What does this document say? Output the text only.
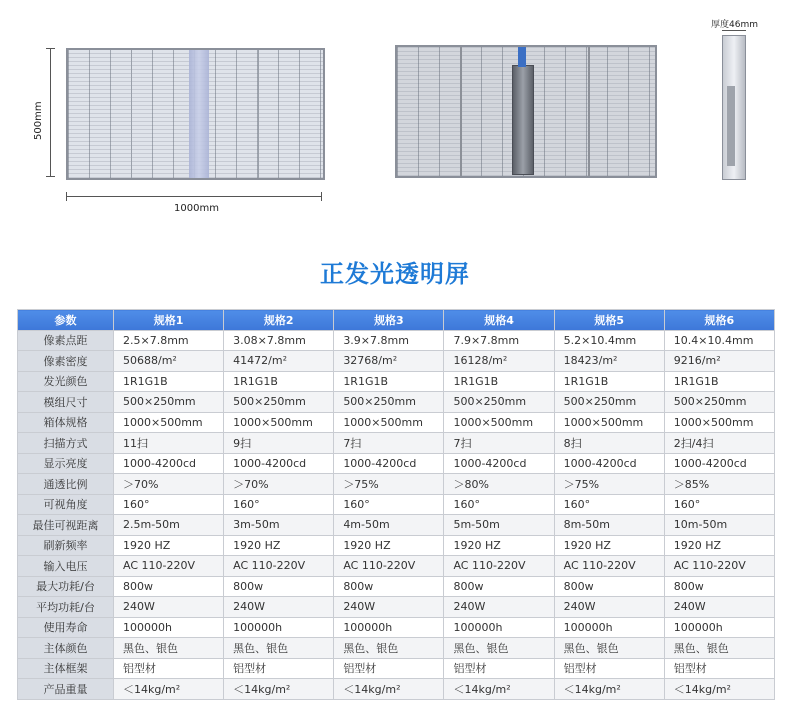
500mm
1000mm
厚度46mm
正发光透明屏
参数	规格1	规格2	规格3	规格4	规格5	规格6
像素点距	2.5×7.8mm	3.08×7.8mm	3.9×7.8mm	7.9×7.8mm	5.2×10.4mm	10.4×10.4mm
像素密度	50688/m²	41472/m²	32768/m²	16128/m²	18423/m²	9216/m²
发光颜色	1R1G1B	1R1G1B	1R1G1B	1R1G1B	1R1G1B	1R1G1B
模组尺寸	500×250mm	500×250mm	500×250mm	500×250mm	500×250mm	500×250mm
箱体规格	1000×500mm	1000×500mm	1000×500mm	1000×500mm	1000×500mm	1000×500mm
扫描方式	11扫	9扫	7扫	7扫	8扫	2扫/4扫
显示亮度	1000-4200cd	1000-4200cd	1000-4200cd	1000-4200cd	1000-4200cd	1000-4200cd
通透比例	＞70%	＞70%	＞75%	＞80%	＞75%	＞85%
可视角度	160°	160°	160°	160°	160°	160°
最佳可视距离	2.5m-50m	3m-50m	4m-50m	5m-50m	8m-50m	10m-50m
刷新频率	1920 HZ	1920 HZ	1920 HZ	1920 HZ	1920 HZ	1920 HZ
输入电压	AC 110-220V	AC 110-220V	AC 110-220V	AC 110-220V	AC 110-220V	AC 110-220V
最大功耗/台	800w	800w	800w	800w	800w	800w
平均功耗/台	240W	240W	240W	240W	240W	240W
使用寿命	100000h	100000h	100000h	100000h	100000h	100000h
主体颜色	黑色、银色	黑色、银色	黑色、银色	黑色、银色	黑色、银色	黑色、银色
主体框架	铝型材	铝型材	铝型材	铝型材	铝型材	铝型材
产品重量	＜14kg/m²	＜14kg/m²	＜14kg/m²	＜14kg/m²	＜14kg/m²	＜14kg/m²
